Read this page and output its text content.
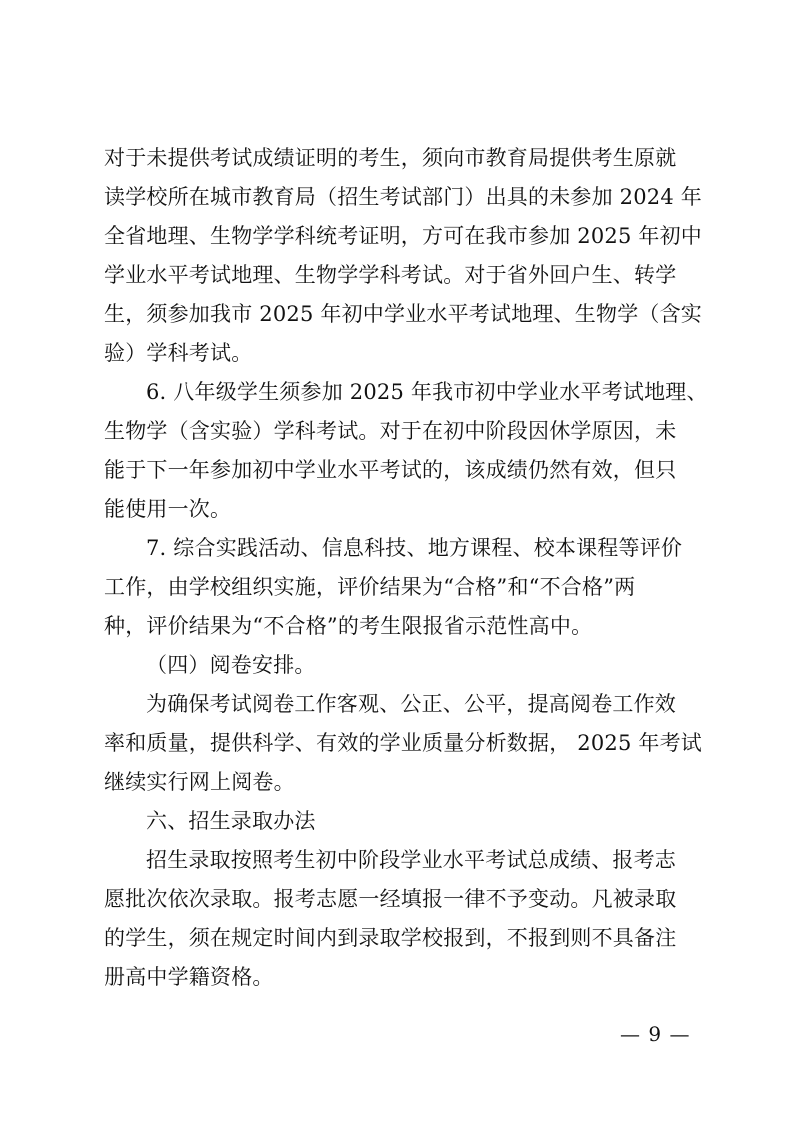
对于未提供考试成绩证明的考生，须向市教育局提供考生原就
读学校所在城市教育局（招生考试部门）出具的未参加 2024 年
全省地理、生物学学科统考证明，方可在我市参加 2025 年初中
学业水平考试地理、生物学学科考试。对于省外回户生、转学
生，须参加我市 2025 年初中学业水平考试地理、生物学（含实
验）学科考试。
6. 八年级学生须参加 2025 年我市初中学业水平考试地理、
生物学（含实验）学科考试。对于在初中阶段因休学原因，未
能于下一年参加初中学业水平考试的，该成绩仍然有效，但只
能使用一次。
7. 综合实践活动、信息科技、地方课程、校本课程等评价
工作，由学校组织实施，评价结果为“合格”和“不合格”两
种，评价结果为“不合格”的考生限报省示范性高中。
（四）阅卷安排。
为确保考试阅卷工作客观、公正、公平，提高阅卷工作效
率和质量，提供科学、有效的学业质量分析数据， 2025 年考试
继续实行网上阅卷。
六、招生录取办法
招生录取按照考生初中阶段学业水平考试总成绩、报考志
愿批次依次录取。报考志愿一经填报一律不予变动。凡被录取
的学生，须在规定时间内到录取学校报到，不报到则不具备注
册高中学籍资格。
— 9 —
